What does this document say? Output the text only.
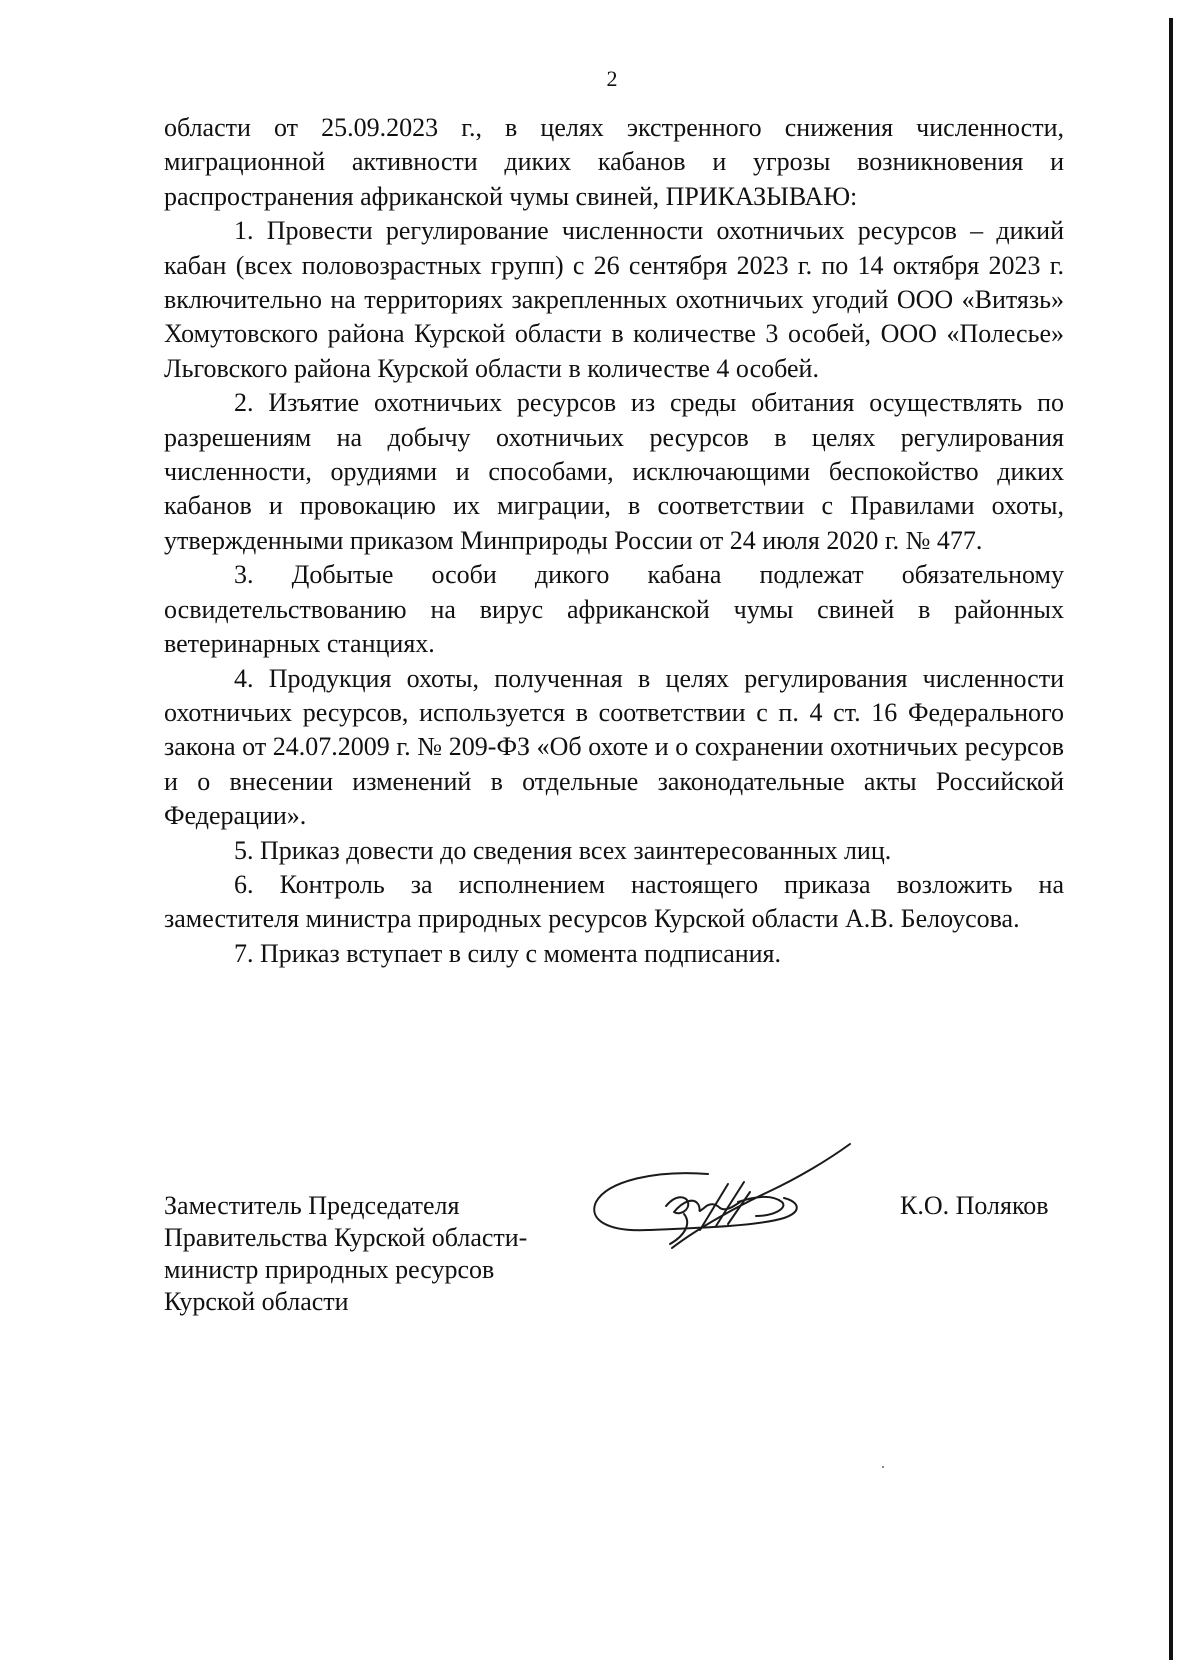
2

области от 25.09.2023 г., в целях экстренного снижения численности, миграционной активности диких кабанов и угрозы возникновения и распространения африканской чумы свиней, ПРИКАЗЫВАЮ:

1. Провести регулирование численности охотничьих ресурсов – дикий кабан (всех половозрастных групп) с 26 сентября 2023 г. по 14 октября 2023 г. включительно на территориях закрепленных охотничьих угодий ООО «Витязь» Хомутовского района Курской области в количестве 3 особей, ООО «Полесье» Льговского района Курской области в количестве 4 особей.

2. Изъятие охотничьих ресурсов из среды обитания осуществлять по разрешениям на добычу охотничьих ресурсов в целях регулирования численности, орудиями и способами, исключающими беспокойство диких кабанов и провокацию их миграции, в соответствии с Правилами охоты, утвержденными приказом Минприроды России от 24 июля 2020 г. № 477.

3. Добытые особи дикого кабана подлежат обязательному освидетельствованию на вирус африканской чумы свиней в районных ветеринарных станциях.

4. Продукция охоты, полученная в целях регулирования численности охотничьих ресурсов, используется в соответствии с п. 4 ст. 16 Федерального закона от 24.07.2009 г. № 209-ФЗ «Об охоте и о сохранении охотничьих ресурсов и о внесении изменений в отдельные законодательные акты Российской Федерации».

5. Приказ довести до сведения всех заинтересованных лиц.

6. Контроль за исполнением настоящего приказа возложить на заместителя министра природных ресурсов Курской области А.В. Белоусова.

7. Приказ вступает в силу с момента подписания.

Заместитель Председателя
Правительства Курской области-
министр природных ресурсов
Курской области
К.О. Поляков
